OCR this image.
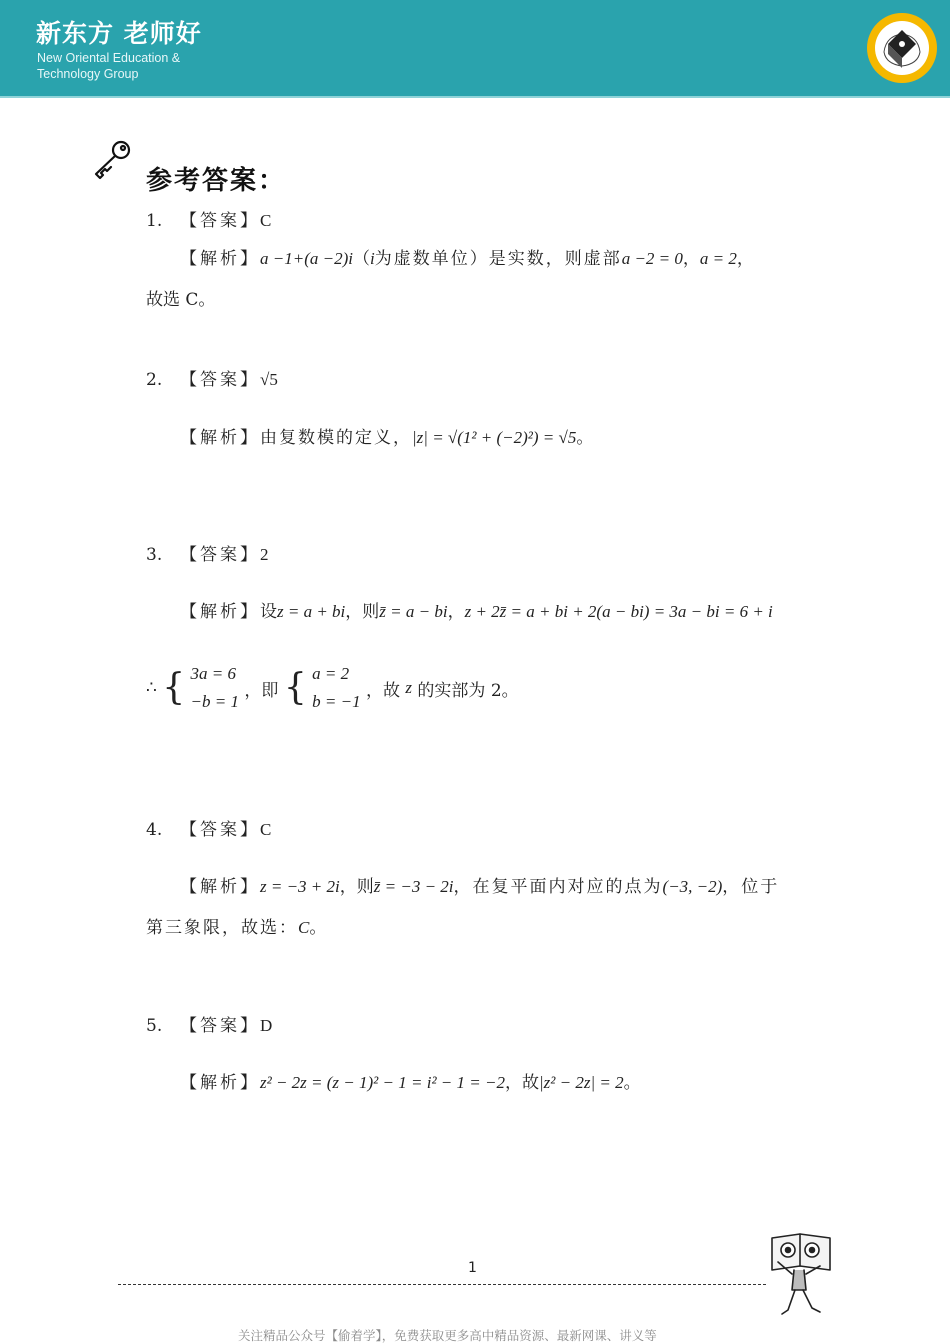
新东方 老师好
New Oriental Education &
Technology Group
参考答案：
1. 【答案】C
【解析】a −1+(a −2)i（i为虚数单位）是实数，则虚部a −2 = 0，a = 2，
故选 C。
2. 【答案】√5
【解析】由复数模的定义，|z| = √(1² + (−2)²) = √5。
3. 【答案】2
【解析】设z = a + bi，则z̄ = a − bi，z + 2z̄ = a + bi + 2(a − bi) = 3a − bi = 6 + i
∴ { 3a = 6
−b = 1
，即 { a = 2
b = −1
，故 z 的实部为 2。
4. 【答案】C
【解析】z = −3 + 2i，则z̄ = −3 − 2i，在复平面内对应的点为(−3, −2)，位于
第三象限，故选：C。
5. 【答案】D
【解析】z² − 2z = (z − 1)² − 1 = i² − 1 = −2，故|z² − 2z| = 2。
1
关注精品公众号【偷着学】，免费获取更多高中精品资源、最新网课、讲义等
